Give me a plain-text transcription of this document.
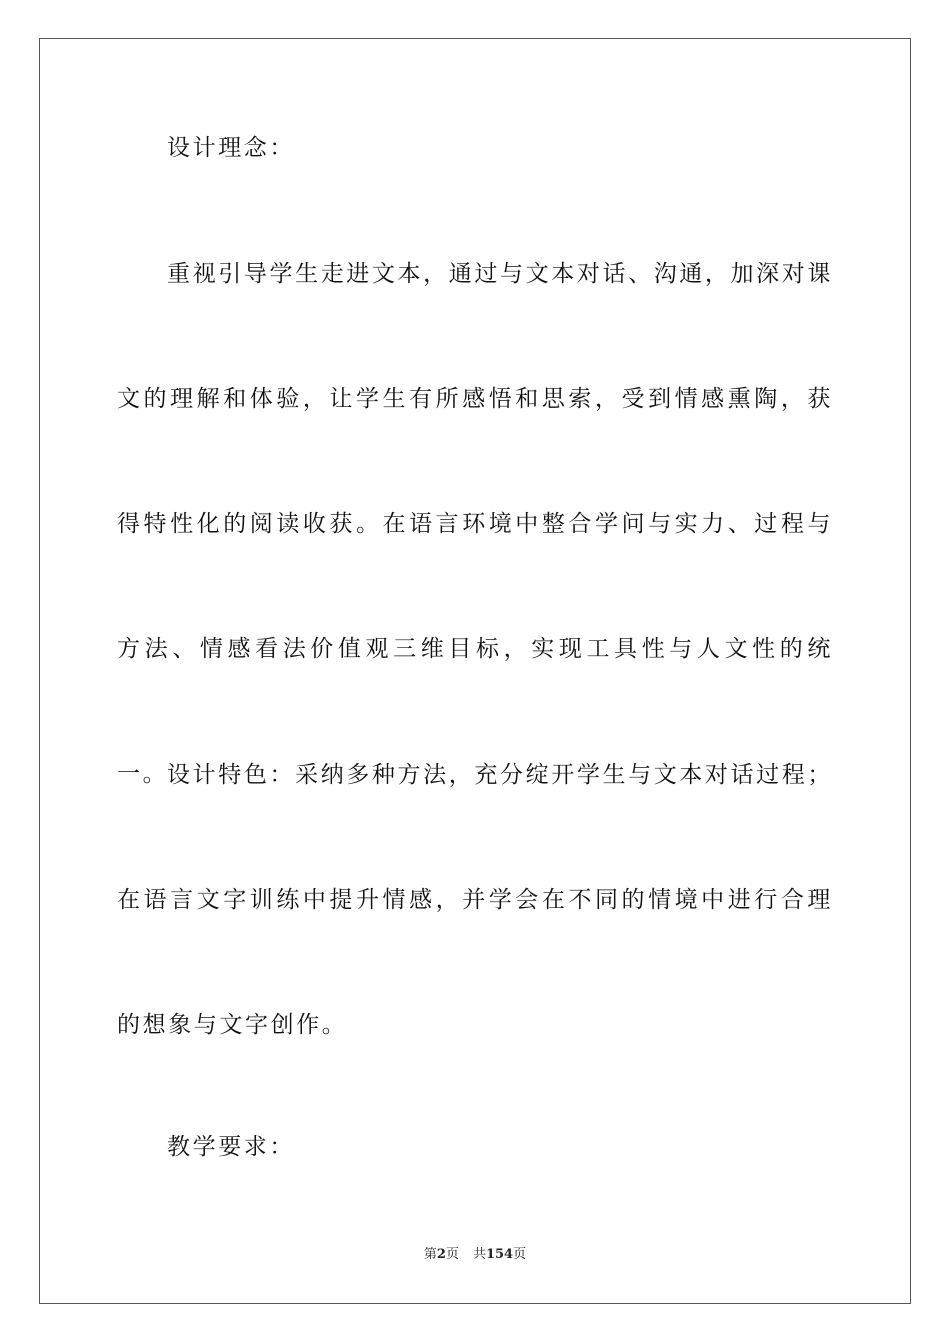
设计理念：

重视引导学生走进文本，通过与文本对话、沟通，加深对课文的理解和体验，让学生有所感悟和思索，受到情感熏陶，获得特性化的阅读收获。在语言环境中整合学问与实力、过程与方法、情感看法价值观三维目标，实现工具性与人文性的统一。

设计特色：采纳多种方法，充分绽开学生与文本对话过程；在语言文字训练中提升情感，并学会在不同的情境中进行合理的想象与文字创作。

教学要求：

第2页 共154页
